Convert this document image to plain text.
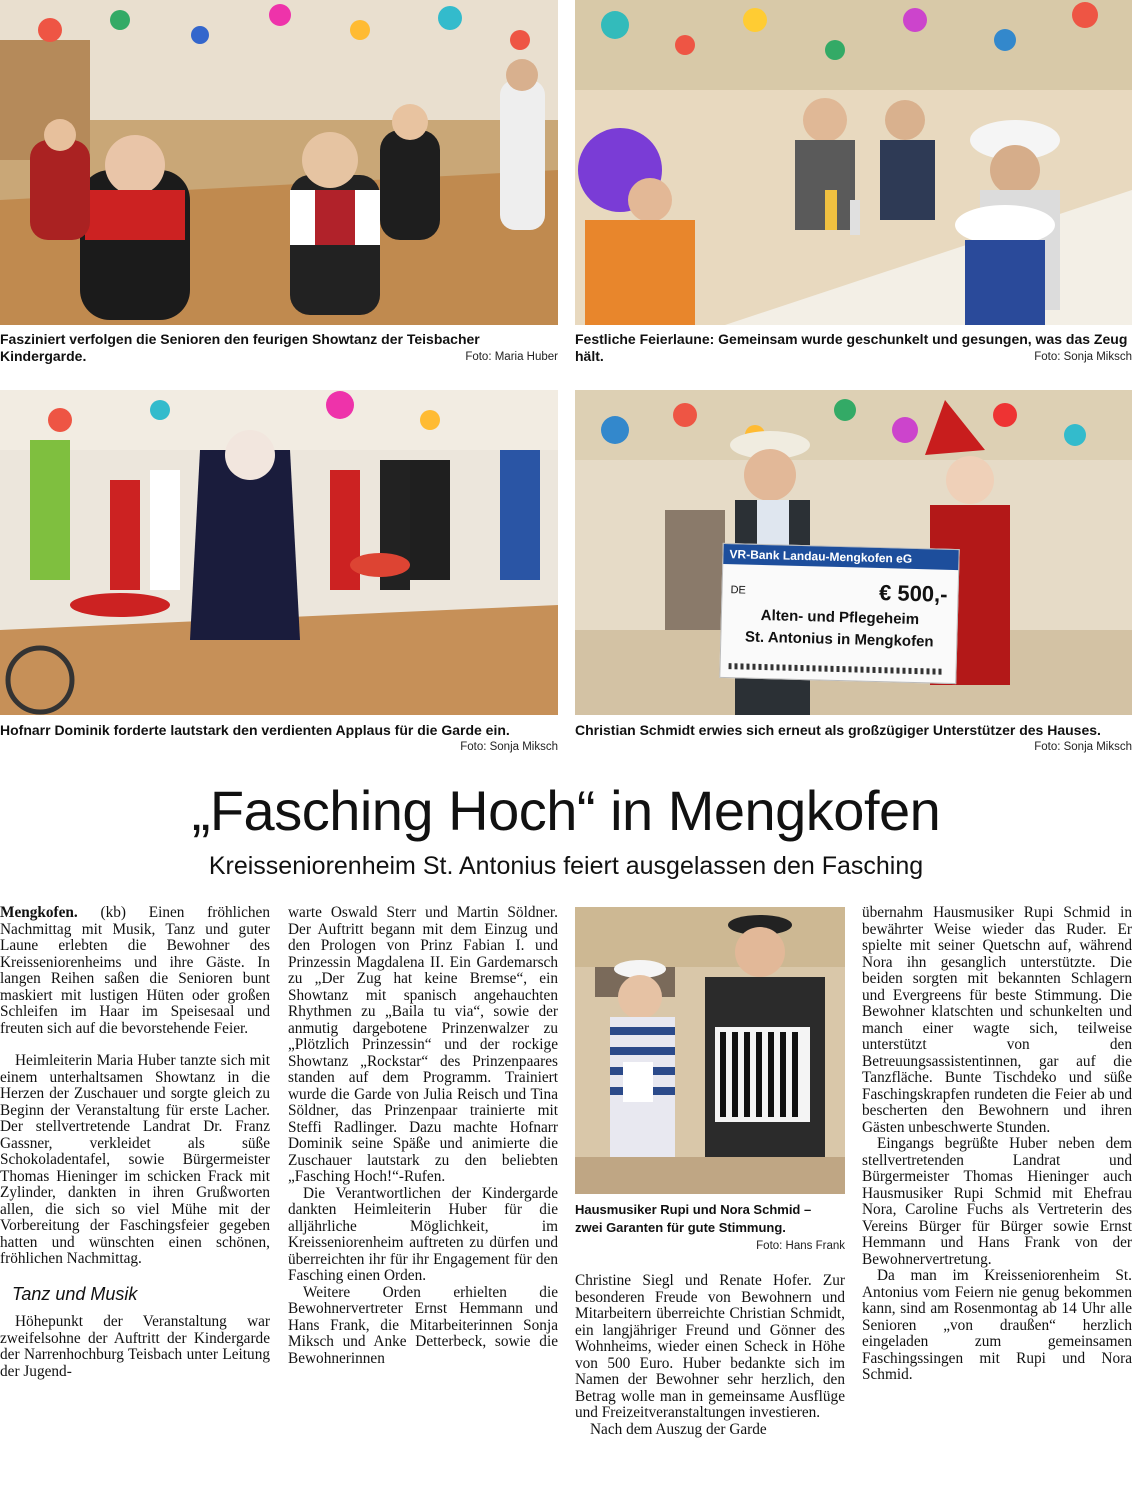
Fasziniert verfolgen die Senioren den feurigen Showtanz der Teisbacher Kindergarde.	Foto: Maria Huber
Festliche Feierlaune: Gemeinsam wurde geschunkelt und gesungen, was das Zeug hält.	Foto: Sonja Miksch
Hofnarr Dominik forderte lautstark den verdienten Applaus für die Garde ein.
Foto: Sonja Miksch
VR-Bank Landau-Mengkofen eG
DE	€ 500,-
Alten- und Pflegeheim
St. Antonius in Mengkofen
Christian Schmidt erwies sich erneut als großzügiger Unterstützer des Hauses.
Foto: Sonja Miksch
„Fasching Hoch“ in Mengkofen
Kreisseniorenheim St. Antonius feiert ausgelassen den Fasching

Mengkofen. (kb) Einen fröhlichen Nachmittag mit Musik, Tanz und guter Laune erlebten die Bewohner des Kreisseniorenheims und ihre Gäste. In langen Reihen saßen die Senioren bunt maskiert mit lustigen Hüten oder großen Schleifen im Haar im Speisesaal und freuten sich auf die bevorstehende Feier.

Heimleiterin Maria Huber tanzte sich mit einem unterhaltsamen Showtanz in die Herzen der Zuschauer und sorgte gleich zu Beginn der Veranstaltung für erste Lacher. Der stellvertretende Landrat Dr. Franz Gassner, verkleidet als süße Schokoladentafel, sowie Bürgermeister Thomas Hieninger im schicken Frack mit Zylinder, dankten in ihren Grußworten allen, die sich so viel Mühe mit der Vorbereitung der Faschingsfeier gegeben hatten und wünschten einen schönen, fröhlichen Nachmittag.

Tanz und Musik

Höhepunkt der Veranstaltung war zweifelsohne der Auftritt der Kindergarde der Narrenhochburg Teisbach unter Leitung der Jugend-

warte Oswald Sterr und Martin Söldner. Der Auftritt begann mit dem Einzug und den Prologen von Prinz Fabian I. und Prinzessin Magdalena II. Ein Gardemarsch zu „Der Zug hat keine Bremse“, ein Showtanz mit spanisch angehauchten Rhythmen zu „Baila tu via“, sowie der anmutig dargebotene Prinzenwalzer zu „Plötzlich Prinzessin“ und der rockige Showtanz „Rockstar“ des Prinzenpaares standen auf dem Programm. Trainiert wurde die Garde von Julia Reisch und Tina Söldner, das Prinzenpaar trainierte mit Steffi Radlinger. Dazu machte Hofnarr Dominik seine Späße und animierte die Zuschauer lautstark zu den beliebten „Fasching Hoch!“-Rufen.

Die Verantwortlichen der Kindergarde dankten Heimleiterin Huber für die alljährliche Möglichkeit, im Kreisseniorenheim auftreten zu dürfen und überreichten ihr für ihr Engagement für den Fasching einen Orden.

Weitere Orden erhielten die Bewohnervertreter Ernst Hemmann und Hans Frank, die Mitarbeiterinnen Sonja Miksch und Anke Detterbeck, sowie die Bewohnerinnen

Hausmusiker Rupi und Nora Schmid –
zwei Garanten für gute Stimmung.
Foto: Hans Frank

Christine Siegl und Renate Hofer. Zur besonderen Freude von Bewohnern und Mitarbeitern überreichte Christian Schmidt, ein langjähriger Freund und Gönner des Wohnheims, wieder einen Scheck in Höhe von 500 Euro. Huber bedankte sich im Namen der Bewohner sehr herzlich, den Betrag wolle man in gemeinsame Ausflüge und Freizeitveranstaltungen investieren.

Nach dem Auszug der Garde

übernahm Hausmusiker Rupi Schmid in bewährter Weise wieder das Ruder. Er spielte mit seiner Quetschn auf, während Nora ihn gesanglich unterstützte. Die beiden sorgten mit bekannten Schlagern und Evergreens für beste Stimmung. Die Bewohner klatschten und schunkelten und manch einer wagte sich, teilweise unterstützt von den Betreuungsassistentinnen, gar auf die Tanzfläche. Bunte Tischdeko und süße Faschingskrapfen rundeten die Feier ab und bescherten den Bewohnern und ihren Gästen unbeschwerte Stunden.

Eingangs begrüßte Huber neben dem stellvertretenden Landrat und Bürgermeister Thomas Hieninger auch Hausmusiker Rupi Schmid mit Ehefrau Nora, Caroline Fuchs als Vertreterin des Vereins Bürger für Bürger sowie Ernst Hemmann und Hans Frank von der Bewohnervertretung.

Da man im Kreisseniorenheim St. Antonius vom Feiern nie genug bekommen kann, sind am Rosenmontag ab 14 Uhr alle Senioren „von draußen“ herzlich eingeladen zum gemeinsamen Faschingssingen mit Rupi und Nora Schmid.
